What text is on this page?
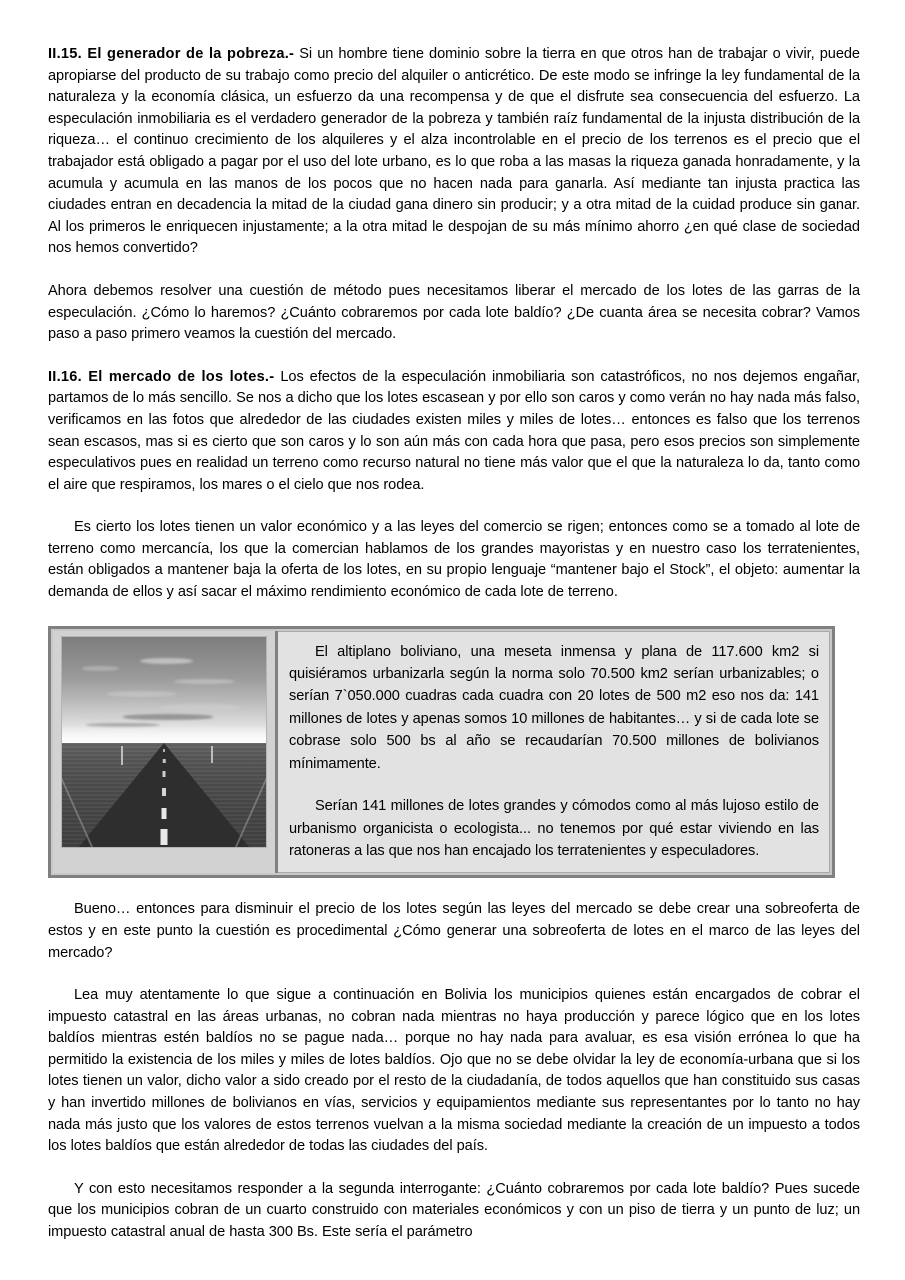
II.15. El generador de la pobreza.- Si un hombre tiene dominio sobre la tierra en que otros han de trabajar o vivir, puede apropiarse del producto de su trabajo como precio del alquiler o anticrético. De este modo se infringe la ley fundamental de la naturaleza y la economía clásica, un esfuerzo da una recompensa y de que el disfrute sea consecuencia del esfuerzo. La especulación inmobiliaria es el verdadero generador de la pobreza y también raíz fundamental de la injusta distribución de la riqueza… el continuo crecimiento de los alquileres y el alza incontrolable en el precio de los terrenos es el precio que el trabajador está obligado a pagar por el uso del lote urbano, es lo que roba a las masas la riqueza ganada honradamente, y la acumula y acumula en las manos de los pocos que no hacen nada para ganarla. Así mediante tan injusta practica las ciudades entran en decadencia la mitad de la ciudad gana dinero sin producir; y a otra mitad de la cuidad produce sin ganar. Al los primeros le enriquecen injustamente; a la otra mitad le despojan de su más mínimo ahorro ¿en qué clase de sociedad nos hemos convertido?

Ahora debemos resolver una cuestión de método pues necesitamos liberar el mercado de los lotes de las garras de la especulación. ¿Cómo lo haremos? ¿Cuánto cobraremos por cada lote baldío? ¿De cuanta área se necesita cobrar? Vamos paso a paso primero veamos la cuestión del mercado.

II.16. El mercado de los lotes.- Los efectos de la especulación inmobiliaria son catastróficos, no nos dejemos engañar, partamos de lo más sencillo. Se nos a dicho que los lotes escasean y por ello son caros y como verán no hay nada más falso, verificamos en las fotos que alrededor de las ciudades existen miles y miles de lotes… entonces es falso que los terrenos sean escasos, mas si es cierto que son caros y lo son aún más con cada hora que pasa, pero esos precios son simplemente especulativos pues en realidad un terreno como recurso natural no tiene más valor que el que la naturaleza lo da, tanto como el aire que respiramos, los mares o el cielo que nos rodea.

Es cierto los lotes tienen un valor económico y a las leyes del comercio se rigen; entonces como se a tomado al lote de terreno como mercancía, los que la comercian hablamos de los grandes mayoristas y en nuestro caso los terratenientes, están obligados a mantener baja la oferta de los lotes, en su propio lenguaje “mantener bajo el Stock”, el objeto: aumentar la demanda de ellos y así sacar el máximo rendimiento económico de cada lote de terreno.

El altiplano boliviano, una meseta inmensa y plana de 117.600 km2 si quisiéramos urbanizarla según la norma solo 70.500 km2 serían urbanizables; o serían 7`050.000 cuadras cada cuadra con 20 lotes de 500 m2 eso nos da: 141 millones de lotes y apenas somos 10 millones de habitantes… y si de cada lote se cobrase solo 500 bs al año se recaudarían 70.500 millones de bolivianos mínimamente.

Serían 141 millones de lotes grandes y cómodos como al más lujoso estilo de urbanismo organicista o ecologista... no tenemos por qué estar viviendo en las ratoneras a las que nos han encajado los terratenientes y especuladores.

Bueno… entonces para disminuir el precio de los lotes según las leyes del mercado se debe crear una sobreoferta de estos y en este punto la cuestión es procedimental ¿Cómo generar una sobreoferta de lotes en el marco de las leyes del mercado?

Lea muy atentamente lo que sigue a continuación en Bolivia los municipios quienes están encargados de cobrar el impuesto catastral en las áreas urbanas, no cobran nada mientras no haya producción y parece lógico que en los lotes baldíos mientras estén baldíos no se pague nada… porque no hay nada para avaluar, es esa visión errónea lo que ha permitido la existencia de los miles y miles de lotes baldíos. Ojo que no se debe olvidar la ley de economía-urbana que si los lotes tienen un valor, dicho valor a sido creado por el resto de la ciudadanía, de todos aquellos que han constituido sus casas y han invertido millones de bolivianos en vías, servicios y equipamientos mediante sus representantes por lo tanto no hay nada más justo que los valores de estos terrenos vuelvan a la misma sociedad mediante la creación de un impuesto a todos los lotes baldíos que están alrededor de todas las ciudades del país.

Y con esto necesitamos responder a la segunda interrogante: ¿Cuánto cobraremos por cada lote baldío? Pues sucede que los municipios cobran de un cuarto construido con materiales económicos y con un piso de tierra y un punto de luz; un impuesto catastral anual de hasta 300 Bs. Este sería el parámetro
